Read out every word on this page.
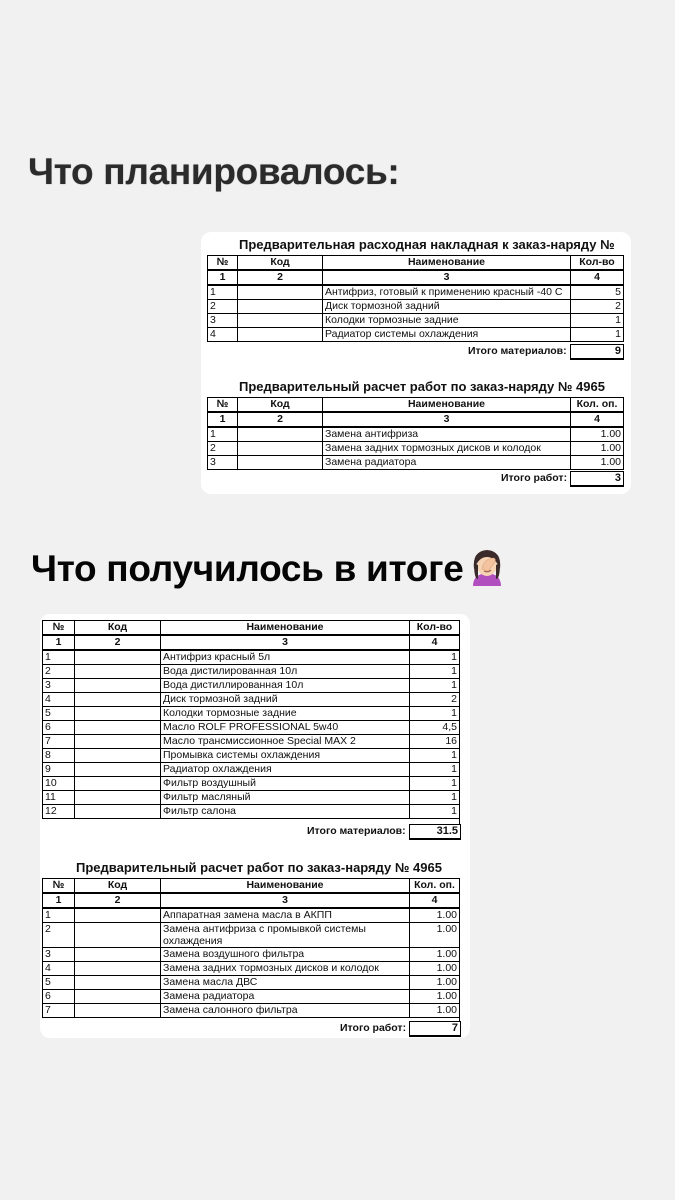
Что планировалось:

Предварительная расходная накладная к заказ-наряду №

№	Код	Наименование	Кол-во
1	2	3	4
1		Антифриз, готовый к применению красный -40 С	5
2		Диск тормозной задний	2
3		Колодки тормозные задние	1
4		Радиатор системы охлаждения	1
Итого материалов:	9

Предварительный расчет работ по заказ-наряду № 4965

№	Код	Наименование	Кол. оп.
1	2	3	4
1		Замена антифриза	1.00
2		Замена задних тормозных дисков и колодок	1.00
3		Замена радиатора	1.00
Итого работ:	3
Что получилось в итоге
№	Код	Наименование	Кол-во
1	2	3	4
1		Антифриз красный 5л	1
2		Вода дистилированная 10л	1
3		Вода дистиллированная 10л	1
4		Диск тормозной задний	2
5		Колодки тормозные задние	1
6		Масло ROLF PROFESSIONAL 5w40	4,5
7		Масло трансмиссионное Special MAX 2	16
8		Промывка системы охлаждения	1
9		Радиатор охлаждения	1
10		Фильтр воздушный	1
11		Фильтр масляный	1
12		Фильтр салона	1
Итого материалов:	31.5

Предварительный расчет работ по заказ-наряду № 4965

№	Код	Наименование	Кол. оп.
1	2	3	4
1		Аппаратная замена масла в АКПП	1.00
2		Замена антифриза с промывкой системы охлаждения	1.00
3		Замена воздушного фильтра	1.00
4		Замена задних тормозных дисков и колодок	1.00
5		Замена масла ДВС	1.00
6		Замена радиатора	1.00
7		Замена салонного фильтра	1.00
Итого работ:	7
